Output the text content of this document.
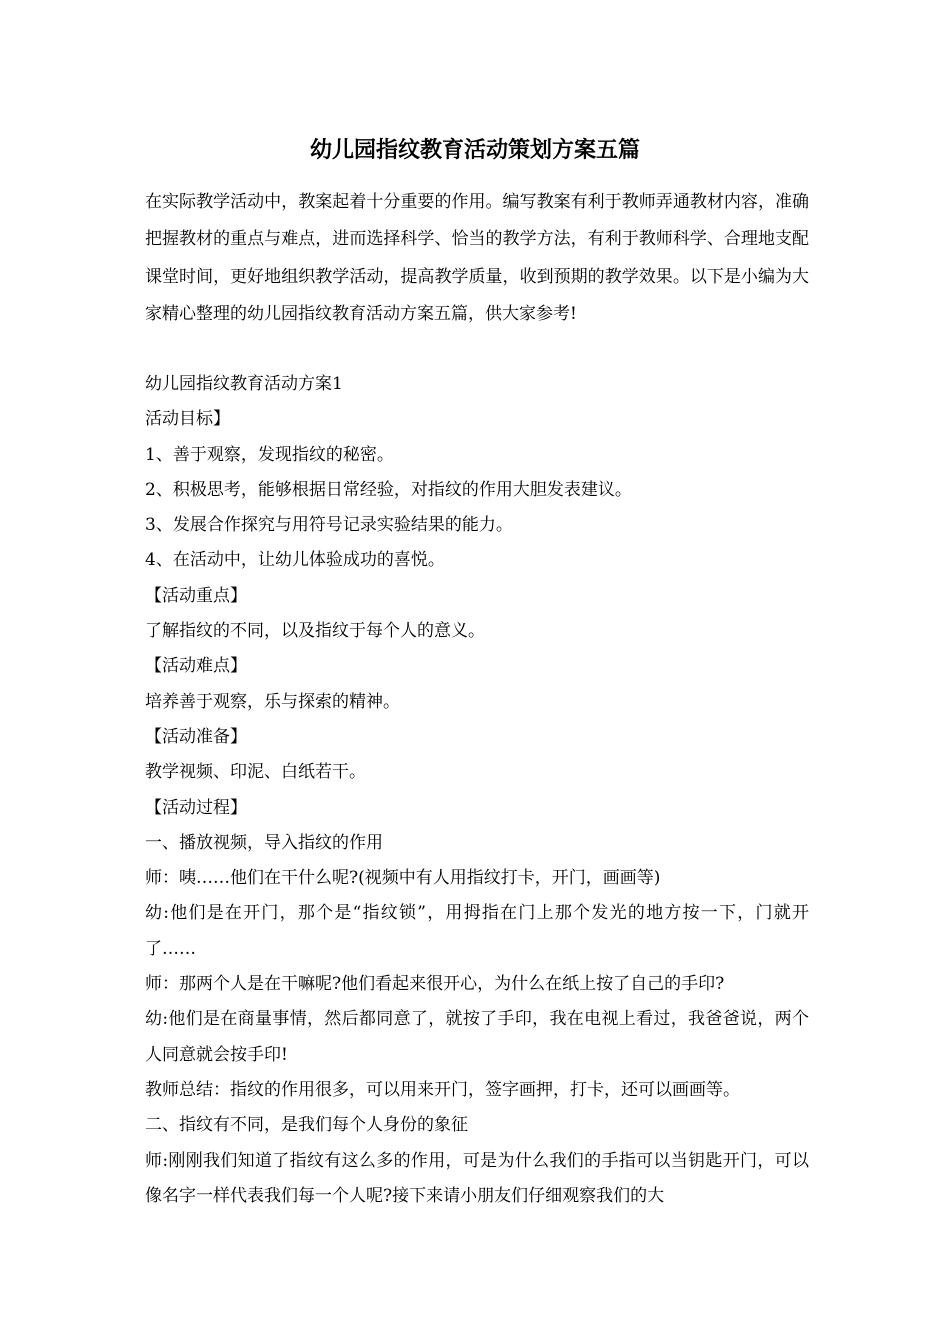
幼儿园指纹教育活动策划方案五篇
在实际教学活动中，教案起着十分重要的作用。编写教案有利于教师弄通教材内容，准确把握教材的重点与难点，进而选择科学、恰当的教学方法，有利于教师科学、合理地支配课堂时间，更好地组织教学活动，提高教学质量，收到预期的教学效果。以下是小编为大家精心整理的幼儿园指纹教育活动方案五篇，供大家参考!
幼儿园指纹教育活动方案1
活动目标】
1、善于观察，发现指纹的秘密。
2、积极思考，能够根据日常经验，对指纹的作用大胆发表建议。
3、发展合作探究与用符号记录实验结果的能力。
4、在活动中，让幼儿体验成功的喜悦。
【活动重点】
了解指纹的不同，以及指纹于每个人的意义。
【活动难点】
培养善于观察，乐与探索的精神。
【活动准备】
教学视频、印泥、白纸若干。
【活动过程】
一、播放视频，导入指纹的作用
师：咦……他们在干什么呢?(视频中有人用指纹打卡，开门，画画等)
幼:他们是在开门，那个是“指纹锁”，用拇指在门上那个发光的地方按一下，门就开了……
师：那两个人是在干嘛呢?他们看起来很开心，为什么在纸上按了自己的手印?
幼:他们是在商量事情，然后都同意了，就按了手印，我在电视上看过，我爸爸说，两个人同意就会按手印!
教师总结：指纹的作用很多，可以用来开门，签字画押，打卡，还可以画画等。
二、指纹有不同，是我们每个人身份的象征
师:刚刚我们知道了指纹有这么多的作用，可是为什么我们的手指可以当钥匙开门，可以像名字一样代表我们每一个人呢?接下来请小朋友们仔细观察我们的大
